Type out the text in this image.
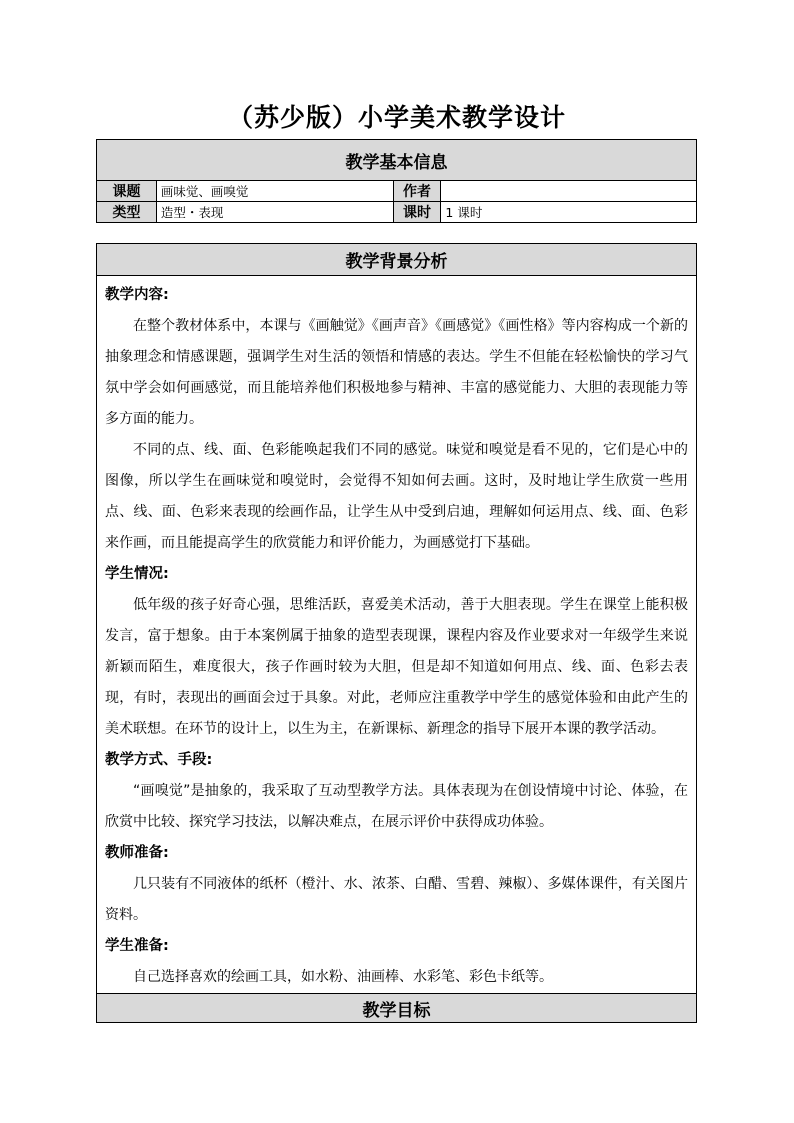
（苏少版）小学美术教学设计
教学基本信息			
课题	画味觉、画嗅觉	作者	
类型	造型・表现	课时	1 课时
教学背景分析

教学内容:

在整个教材体系中，本课与《画触觉》《画声音》《画感觉》《画性格》等内容构成一个新的抽象理念和情感课题，强调学生对生活的领悟和情感的表达。学生不但能在轻松愉快的学习气氛中学会如何画感觉，而且能培养他们积极地参与精神、丰富的感觉能力、大胆的表现能力等多方面的能力。

不同的点、线、面、色彩能唤起我们不同的感觉。味觉和嗅觉是看不见的，它们是心中的图像，所以学生在画味觉和嗅觉时，会觉得不知如何去画。这时，及时地让学生欣赏一些用点、线、面、色彩来表现的绘画作品，让学生从中受到启迪，理解如何运用点、线、面、色彩来作画，而且能提高学生的欣赏能力和评价能力，为画感觉打下基础。

学生情况:

低年级的孩子好奇心强，思维活跃，喜爱美术活动，善于大胆表现。学生在课堂上能积极发言，富于想象。由于本案例属于抽象的造型表现课，课程内容及作业要求对一年级学生来说新颖而陌生，难度很大，孩子作画时较为大胆，但是却不知道如何用点、线、面、色彩去表现，有时，表现出的画面会过于具象。对此，老师应注重教学中学生的感觉体验和由此产生的美术联想。在环节的设计上，以生为主，在新课标、新理念的指导下展开本课的教学活动。

教学方式、手段:

“画嗅觉”是抽象的，我采取了互动型教学方法。具体表现为在创设情境中讨论、体验，在欣赏中比较、探究学习技法，以解决难点，在展示评价中获得成功体验。

教师准备:

几只装有不同液体的纸杯（橙汁、水、浓茶、白醋、雪碧、辣椒）、多媒体课件，有关图片资料。

学生准备:

自己选择喜欢的绘画工具，如水粉、油画棒、水彩笔、彩色卡纸等。

教学目标
